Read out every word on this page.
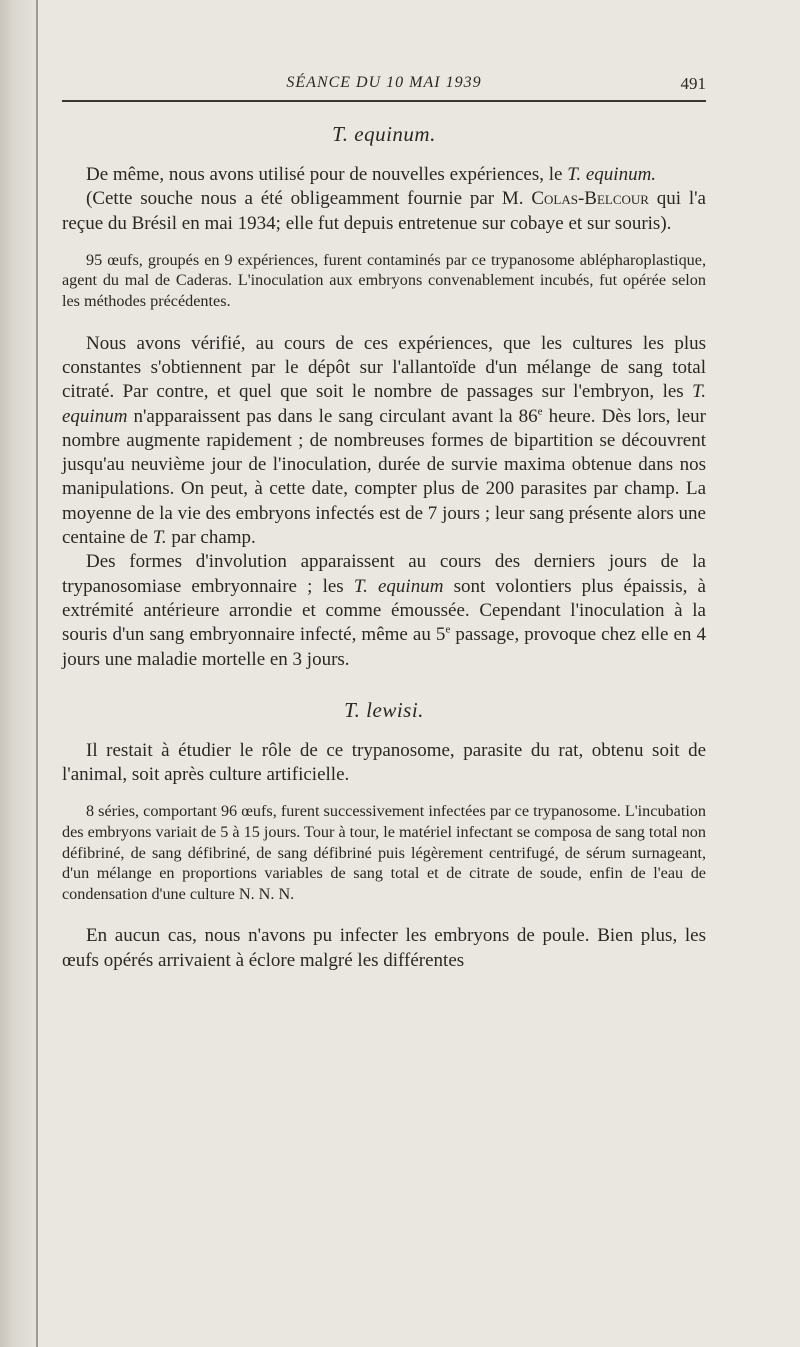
SÉANCE DU 10 MAI 1939	491
T. equinum.

De même, nous avons utilisé pour de nouvelles expériences, le T. equinum.

(Cette souche nous a été obligeamment fournie par M. Colas-Belcour qui l'a reçue du Brésil en mai 1934; elle fut depuis entretenue sur cobaye et sur souris).

95 œufs, groupés en 9 expériences, furent contaminés par ce trypanosome ablépharoplastique, agent du mal de Caderas. L'inoculation aux embryons convenablement incubés, fut opérée selon les méthodes précédentes.

Nous avons vérifié, au cours de ces expériences, que les cultures les plus constantes s'obtiennent par le dépôt sur l'allantoïde d'un mélange de sang total citraté. Par contre, et quel que soit le nombre de passages sur l'embryon, les T. equinum n'apparaissent pas dans le sang circulant avant la 86e heure. Dès lors, leur nombre augmente rapidement ; de nombreuses formes de bipartition se découvrent jusqu'au neuvième jour de l'inoculation, durée de survie maxima obtenue dans nos manipulations. On peut, à cette date, compter plus de 200 parasites par champ. La moyenne de la vie des embryons infectés est de 7 jours ; leur sang présente alors une centaine de T. par champ.

Des formes d'involution apparaissent au cours des derniers jours de la trypanosomiase embryonnaire ; les T. equinum sont volontiers plus épaissis, à extrémité antérieure arrondie et comme émoussée. Cependant l'inoculation à la souris d'un sang embryonnaire infecté, même au 5e passage, provoque chez elle en 4 jours une maladie mortelle en 3 jours.

T. lewisi.

Il restait à étudier le rôle de ce trypanosome, parasite du rat, obtenu soit de l'animal, soit après culture artificielle.

8 séries, comportant 96 œufs, furent successivement infectées par ce trypanosome. L'incubation des embryons variait de 5 à 15 jours. Tour à tour, le matériel infectant se composa de sang total non défibriné, de sang défibriné, de sang défibriné puis légèrement centrifugé, de sérum surnageant, d'un mélange en proportions variables de sang total et de citrate de soude, enfin de l'eau de condensation d'une culture N. N. N.

En aucun cas, nous n'avons pu infecter les embryons de poule. Bien plus, les œufs opérés arrivaient à éclore malgré les différentes
